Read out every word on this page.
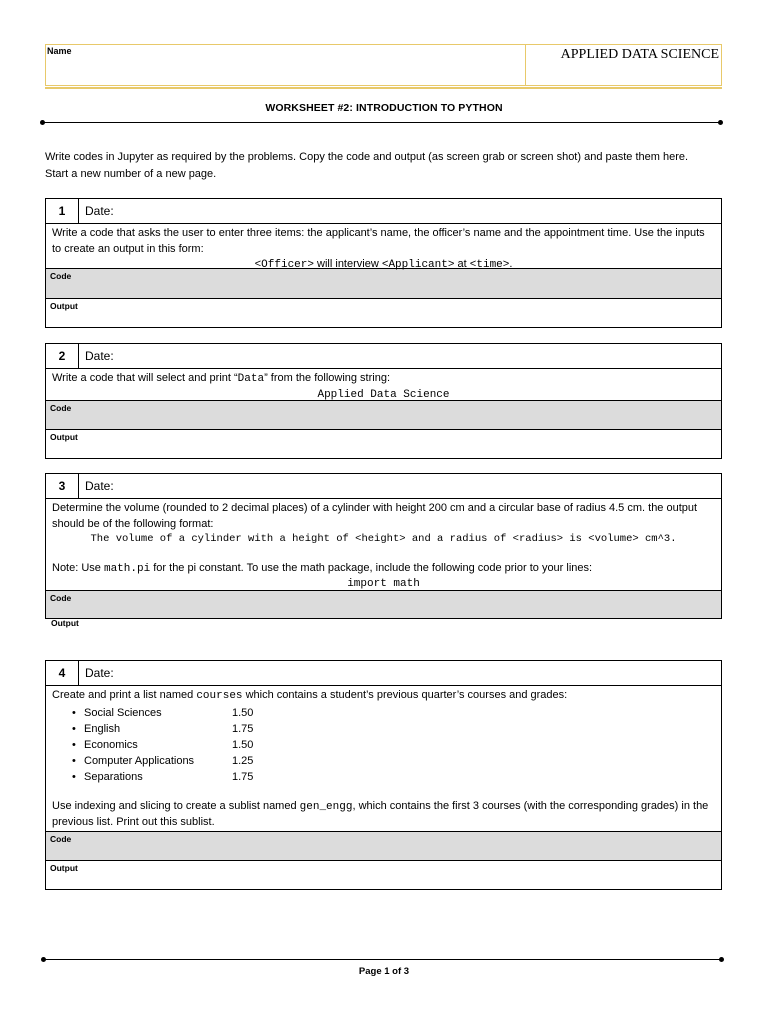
Name	APPLIED DATA SCIENCE
WORKSHEET #2: INTRODUCTION TO PYTHON
Write codes in Jupyter as required by the problems. Copy the code and output (as screen grab or screen shot) and paste them here.
Start a new number of a new page.
1	Date:
Write a code that asks the user to enter three items: the applicant’s name, the officer’s name and the appointment time. Use the inputs to create an output in this form:
<Officer> will interview <Applicant> at <time>.
Code
Output
2	Date:
Write a code that will select and print “Data” from the following string:
Applied Data Science
Code
Output
3	Date:
Determine the volume (rounded to 2 decimal places) of a cylinder with height 200 cm and a circular base of radius 4.5 cm. the output should be of the following format:
The volume of a cylinder with a height of <height> and a radius of <radius> is <volume> cm^3.
Note: Use math.pi for the pi constant. To use the math package, include the following code prior to your lines:
import math
Code
Output
4	Date:
Create and print a list named courses which contains a student’s previous quarter’s courses and grades:
• Social Sciences	1.50
• English	1.75
• Economics	1.50
• Computer Applications	1.25
• Separations	1.75
Use indexing and slicing to create a sublist named gen_engg, which contains the first 3 courses (with the corresponding grades) in the previous list. Print out this sublist.
Code
Output
Page 1 of 3
